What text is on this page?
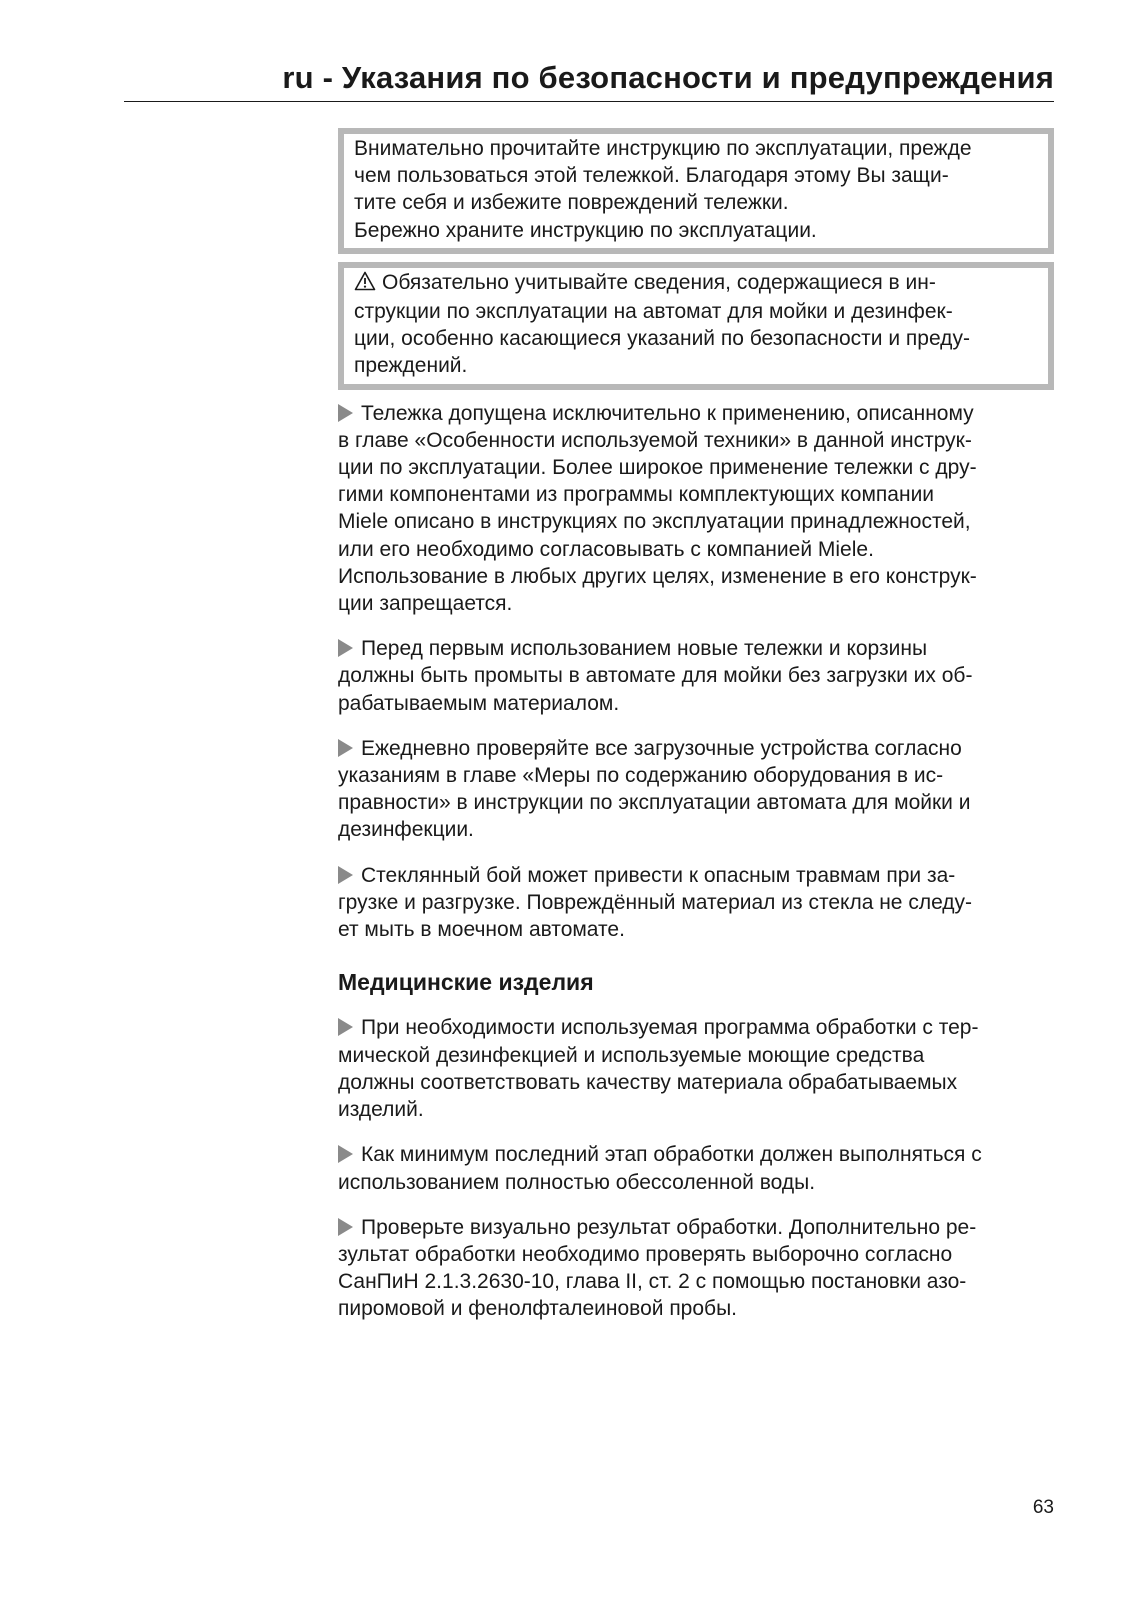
ru - Указания по безопасности и предупреждения

Внимательно прочитайте инструкцию по эксплуатации, прежде
чем пользоваться этой тележкой. Благодаря этому Вы защи-
тите себя и избежите повреждений тележки.
Бережно храните инструкцию по эксплуатации.

Обязательно учитывайте сведения, содержащиеся в ин-
струкции по эксплуатации на автомат для мойки и дезинфек-
ции, особенно касающиеся указаний по безопасности и преду-
преждений.

Тележка допущена исключительно к применению, описанному
в главе «Особенности используемой техники» в данной инструк-
ции по эксплуатации. Более широкое применение тележки с дру-
гими компонентами из программы комплектующих компании
Miele описано в инструкциях по эксплуатации принадлежностей,
или его необходимо согласовывать с компанией Miele.
Использование в любых других целях, изменение в его конструк-
ции запрещается.

Перед первым использованием новые тележки и корзины
должны быть промыты в автомате для мойки без загрузки их об-
рабатываемым материалом.

Ежедневно проверяйте все загрузочные устройства согласно
указаниям в главе «Меры по содержанию оборудования в ис-
правности» в инструкции по эксплуатации автомата для мойки и
дезинфекции.

Стеклянный бой может привести к опасным травмам при за-
грузке и разгрузке. Повреждённый материал из стекла не следу-
ет мыть в моечном автомате.

Медицинские изделия

При необходимости используемая программа обработки с тер-
мической дезинфекцией и используемые моющие средства
должны соответствовать качеству материала обрабатываемых
изделий.

Как минимум последний этап обработки должен выполняться с
использованием полностью обессоленной воды.

Проверьте визуально результат обработки. Дополнительно ре-
зультат обработки необходимо проверять выборочно согласно
СанПиН 2.1.3.2630-10, глава II, ст. 2 с помощью постановки азо-
пиромовой и фенолфталеиновой пробы.

63
